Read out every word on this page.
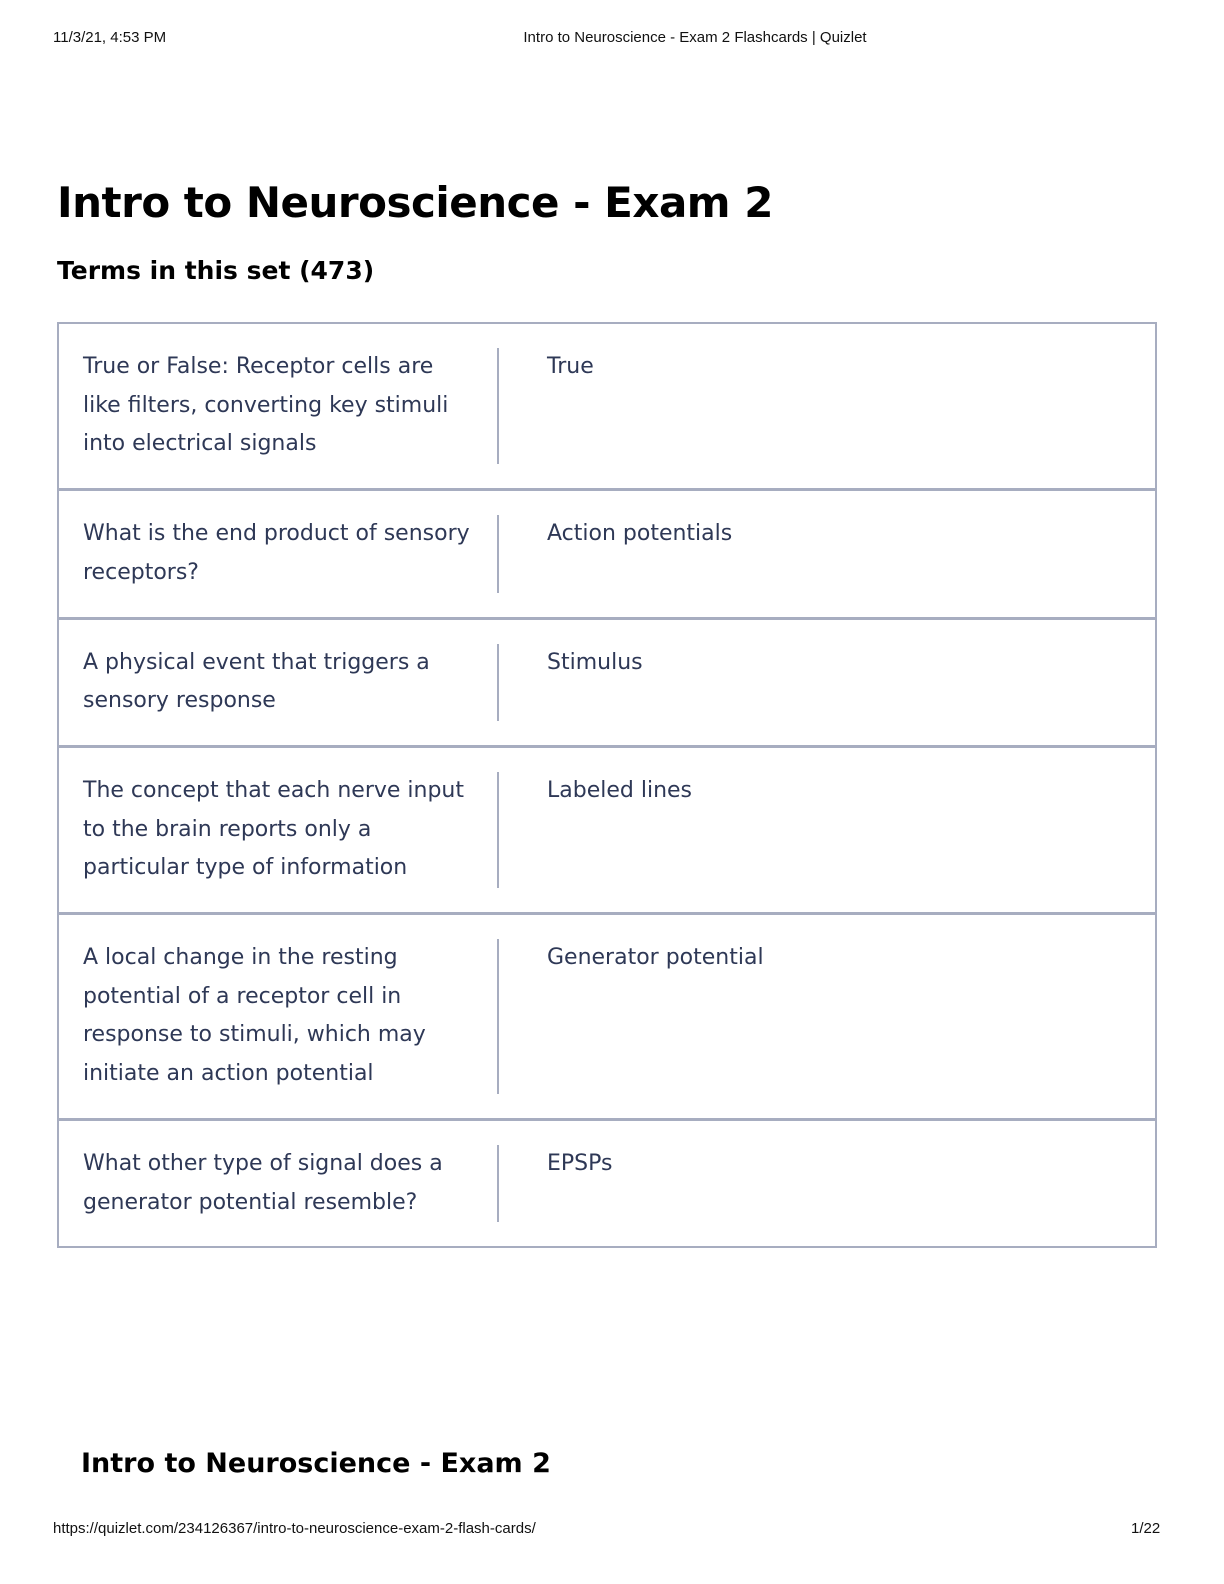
11/3/21, 4:53 PM	Intro to Neuroscience - Exam 2 Flashcards | Quizlet
Intro to Neuroscience - Exam 2
Terms in this set (473)
True or False: Receptor cells are like filters, converting key stimuli into electrical signals
True
What is the end product of sensory receptors?
Action potentials
A physical event that triggers a sensory response
Stimulus
The concept that each nerve input to the brain reports only a particular type of information
Labeled lines
A local change in the resting potential of a receptor cell in response to stimuli, which may initiate an action potential
Generator potential
What other type of signal does a generator potential resemble?
EPSPs
Intro to Neuroscience - Exam 2
https://quizlet.com/234126367/intro-to-neuroscience-exam-2-flash-cards/	1/22
